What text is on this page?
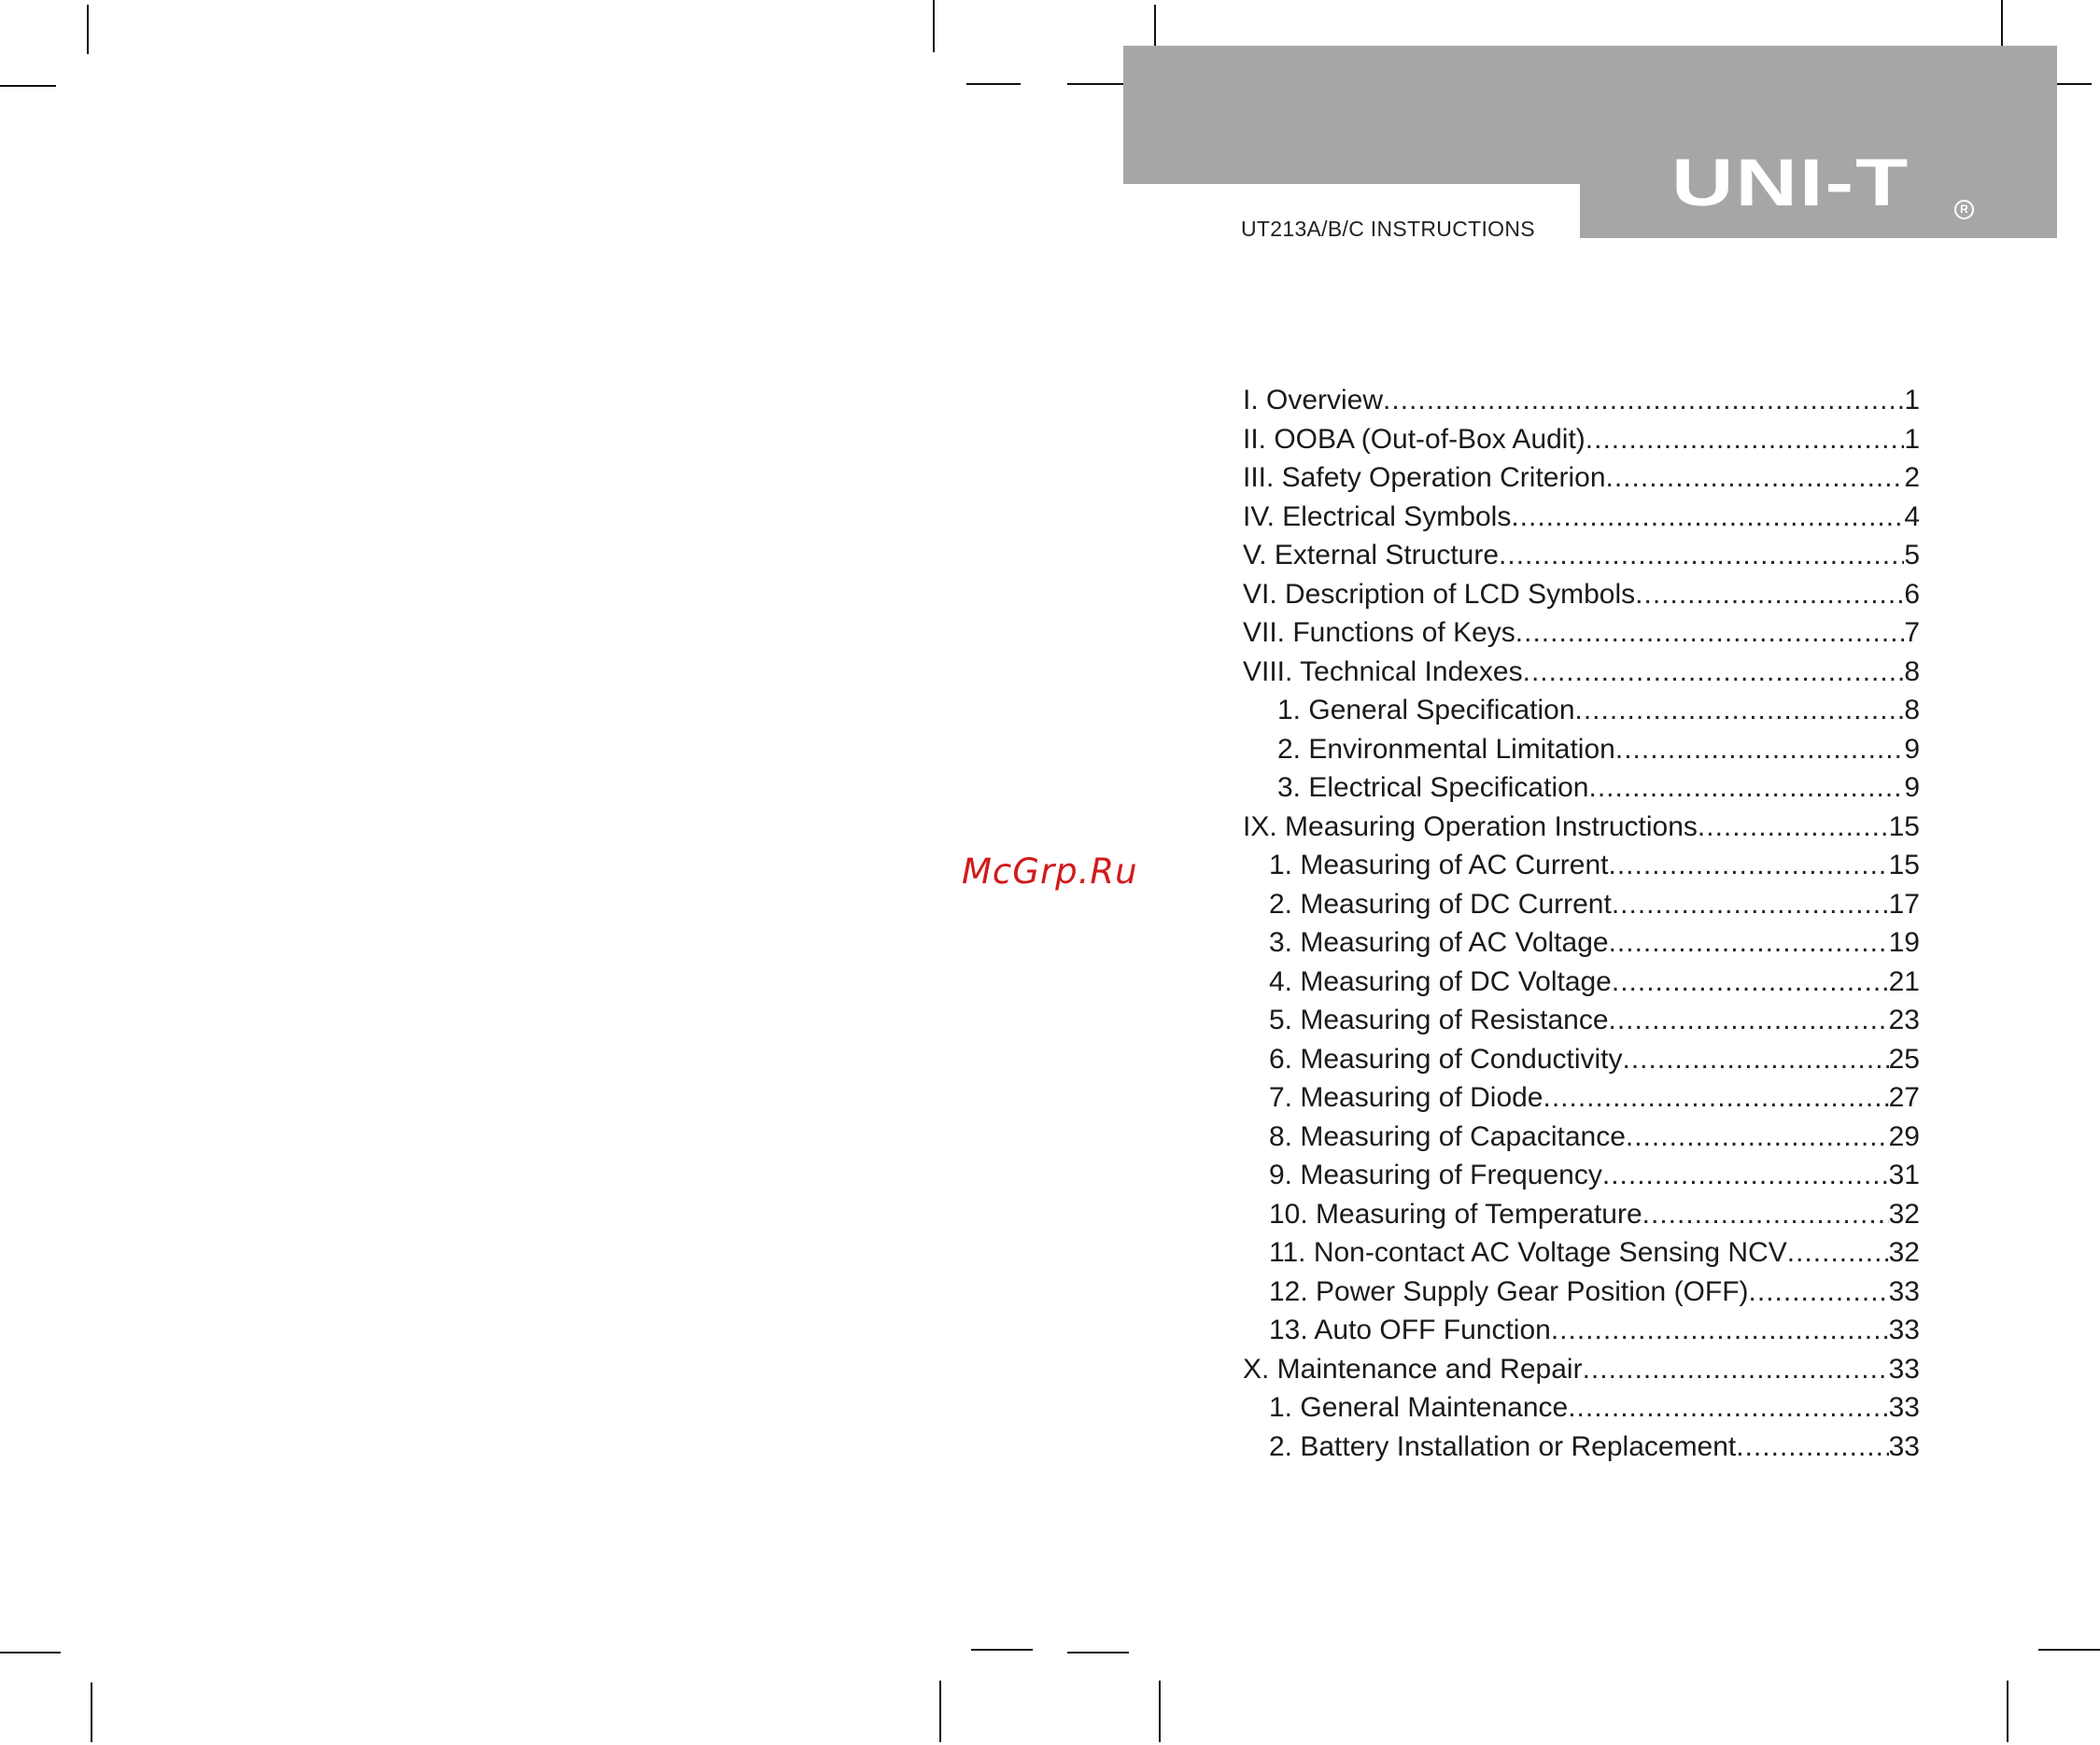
UNI-T	R
UT213A/B/C INSTRUCTIONS
McGrp.Ru
I. Overview .....	1
II. OOBA (Out-of-Box Audit) .....	1
III. Safety Operation Criterion .....	2
IV. Electrical Symbols .....	4
V. External Structure .....	5
VI. Description of LCD Symbols .....	6
VII. Functions of Keys .....	7
VIII. Technical Indexes .....	8
1. General Specification .....	8
2. Environmental Limitation .....	9
3. Electrical Specification .....	9
IX. Measuring Operation Instructions .....	15
1. Measuring of AC Current .....	15
2. Measuring of DC Current .....	17
3. Measuring of AC Voltage .....	19
4. Measuring of DC Voltage .....	21
5. Measuring of Resistance .....	23
6. Measuring of Conductivity .....	25
7. Measuring of Diode .....	27
8. Measuring of Capacitance .....	29
9. Measuring of Frequency .....	31
10. Measuring of Temperature .....	32
11. Non-contact AC Voltage Sensing NCV .....	32
12. Power Supply Gear Position (OFF) .....	33
13. Auto OFF Function .....	33
X. Maintenance and Repair .....	33
1. General Maintenance .....	33
2. Battery Installation or Replacement .....	33
